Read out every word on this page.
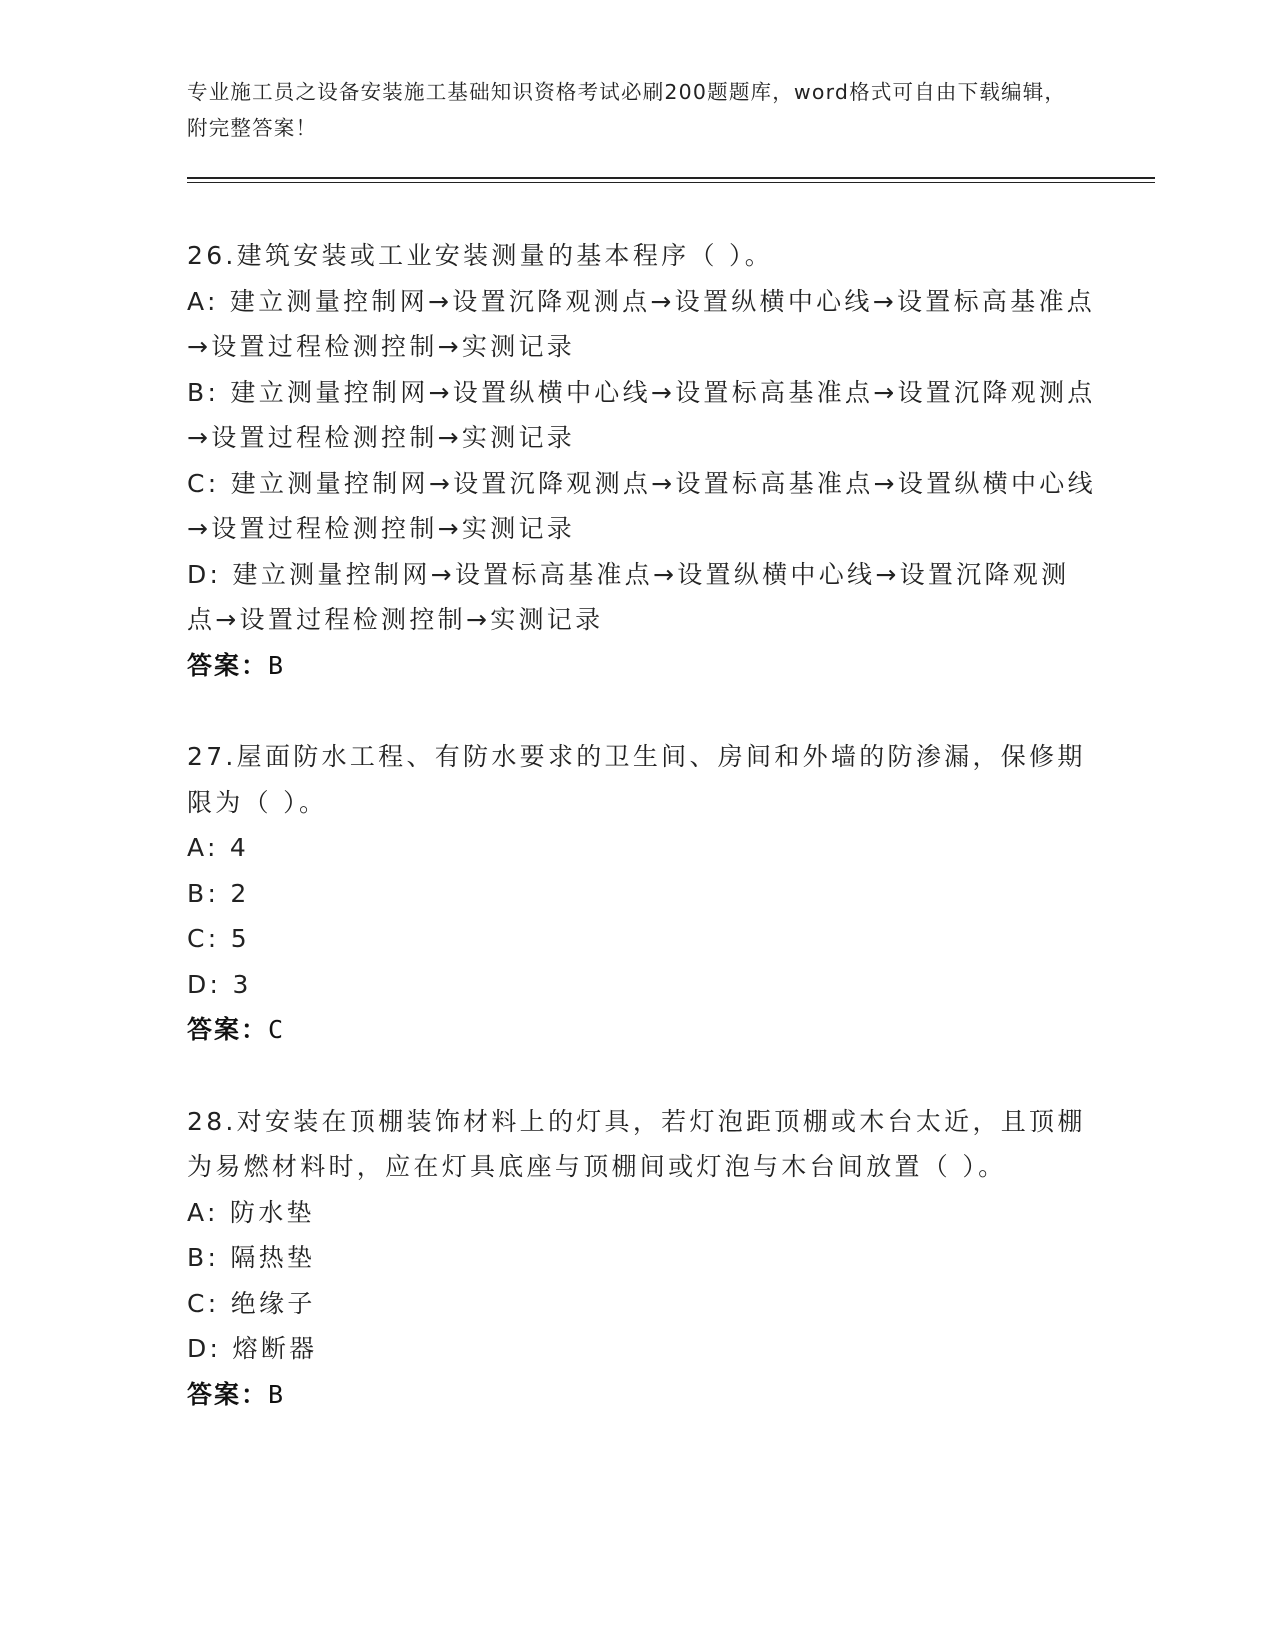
专业施工员之设备安装施工基础知识资格考试必刷200题题库，word格式可自由下载编辑，附完整答案！
26.建筑安装或工业安装测量的基本程序（ ）。
A: 建立测量控制网→设置沉降观测点→设置纵横中心线→设置标高基准点→设置过程检测控制→实测记录
B: 建立测量控制网→设置纵横中心线→设置标高基准点→设置沉降观测点→设置过程检测控制→实测记录
C: 建立测量控制网→设置沉降观测点→设置标高基准点→设置纵横中心线→设置过程检测控制→实测记录
D: 建立测量控制网→设置标高基准点→设置纵横中心线→设置沉降观测点→设置过程检测控制→实测记录
答案：B
27.屋面防水工程、有防水要求的卫生间、房间和外墙的防渗漏，保修期限为（ ）。
A: 4
B: 2
C: 5
D: 3
答案：C
28.对安装在顶棚装饰材料上的灯具，若灯泡距顶棚或木台太近，且顶棚为易燃材料时，应在灯具底座与顶棚间或灯泡与木台间放置（ ）。
A: 防水垫
B: 隔热垫
C: 绝缘子
D: 熔断器
答案：B
